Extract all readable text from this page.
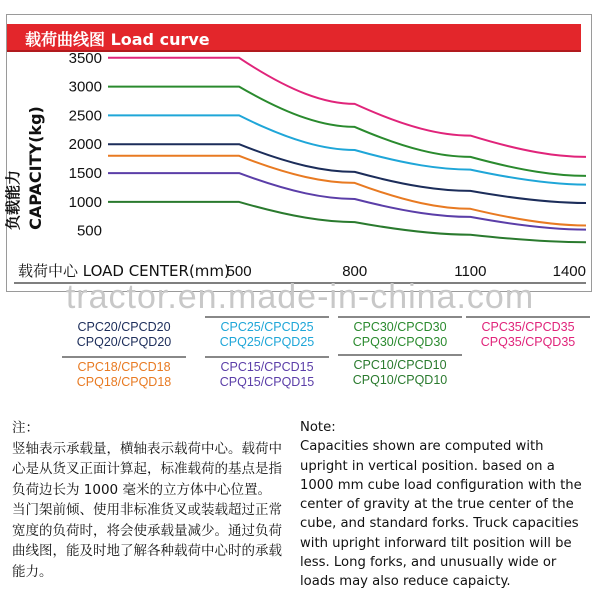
载荷曲线图 Load curve
500
1000
1500
2000
2500
3000
3500
500	800	1100	1400
载荷中心 LOAD CENTER(mm)
CAPACITY(kg)
负载能力
tractor.en.made-in-china.com
CPC20/CPCD20
CPQ20/CPQD20
CPC25/CPCD25
CPQ25/CPQD25
CPC30/CPCD30
CPQ30/CPQD30
CPC35/CPCD35
CPQ35/CPQD35
CPC18/CPCD18
CPQ18/CPQD18
CPC15/CPCD15
CPQ15/CPQD15
CPC10/CPCD10
CPQ10/CPQD10
注：
竖轴表示承载量，横轴表示载荷中心。载荷中心是从货叉正面计算起，标准载荷的基点是指负荷边长为 1000 毫米的立方体中心位置。当门架前倾、使用非标准货叉或装载超过正常宽度的负荷时，将会使承载量减少。通过负荷曲线图，能及时地了解各种载荷中心时的承载能力。
Note:
Capacities shown are computed with upright in vertical position. based on a 1000 mm cube load configuration with the center of gravity at the true center of the cube, and standard forks. Truck capacities with upright inforward tilt position will be less. Long forks, and unusually wide or loads may also reduce capaicty.
